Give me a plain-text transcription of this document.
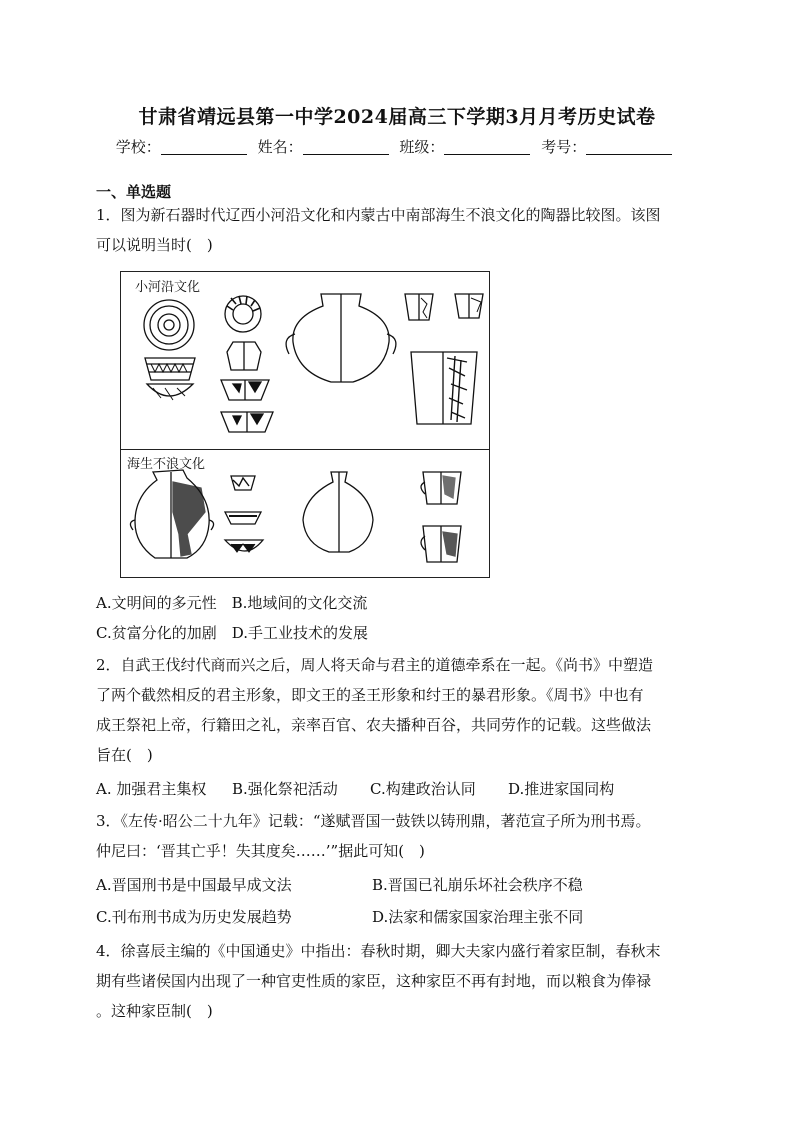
甘肃省靖远县第一中学2024届高三下学期3月月考历史试卷
学校：	姓名：	班级：	考号：
一、单选题
1．图为新石器时代辽西小河沿文化和内蒙古中南部海生不浪文化的陶器比较图。该图
可以说明当时(　)
小河沿文化
海生不浪文化
A.文明间的多元性　B.地域间的文化交流
C.贫富分化的加剧　D.手工业技术的发展
2．自武王伐纣代商而兴之后，周人将天命与君主的道德牵系在一起。《尚书》中塑造
了两个截然相反的君主形象，即文王的圣王形象和纣王的暴君形象。《周书》中也有
成王祭祀上帝，行籍田之礼，亲率百官、农夫播种百谷，共同劳作的记载。这些做法
旨在(　)
A. 加强君主集权 B.强化祭祀活动 C.构建政治认同 D.推进家国同构
3．《左传·昭公二十九年》记载：“遂赋晋国一鼓铁以铸刑鼎，著范宣子所为刑书焉。
仲尼曰：‘晋其亡乎！失其度矣……’”据此可知(　)
A.晋国刑书是中国最早成文法	B.晋国已礼崩乐坏社会秩序不稳
C.刊布刑书成为历史发展趋势	D.法家和儒家国家治理主张不同
4．徐喜辰主编的《中国通史》中指出：春秋时期，卿大夫家内盛行着家臣制，春秋末
期有些诸侯国内出现了一种官吏性质的家臣，这种家臣不再有封地，而以粮食为俸禄
。这种家臣制(　)
